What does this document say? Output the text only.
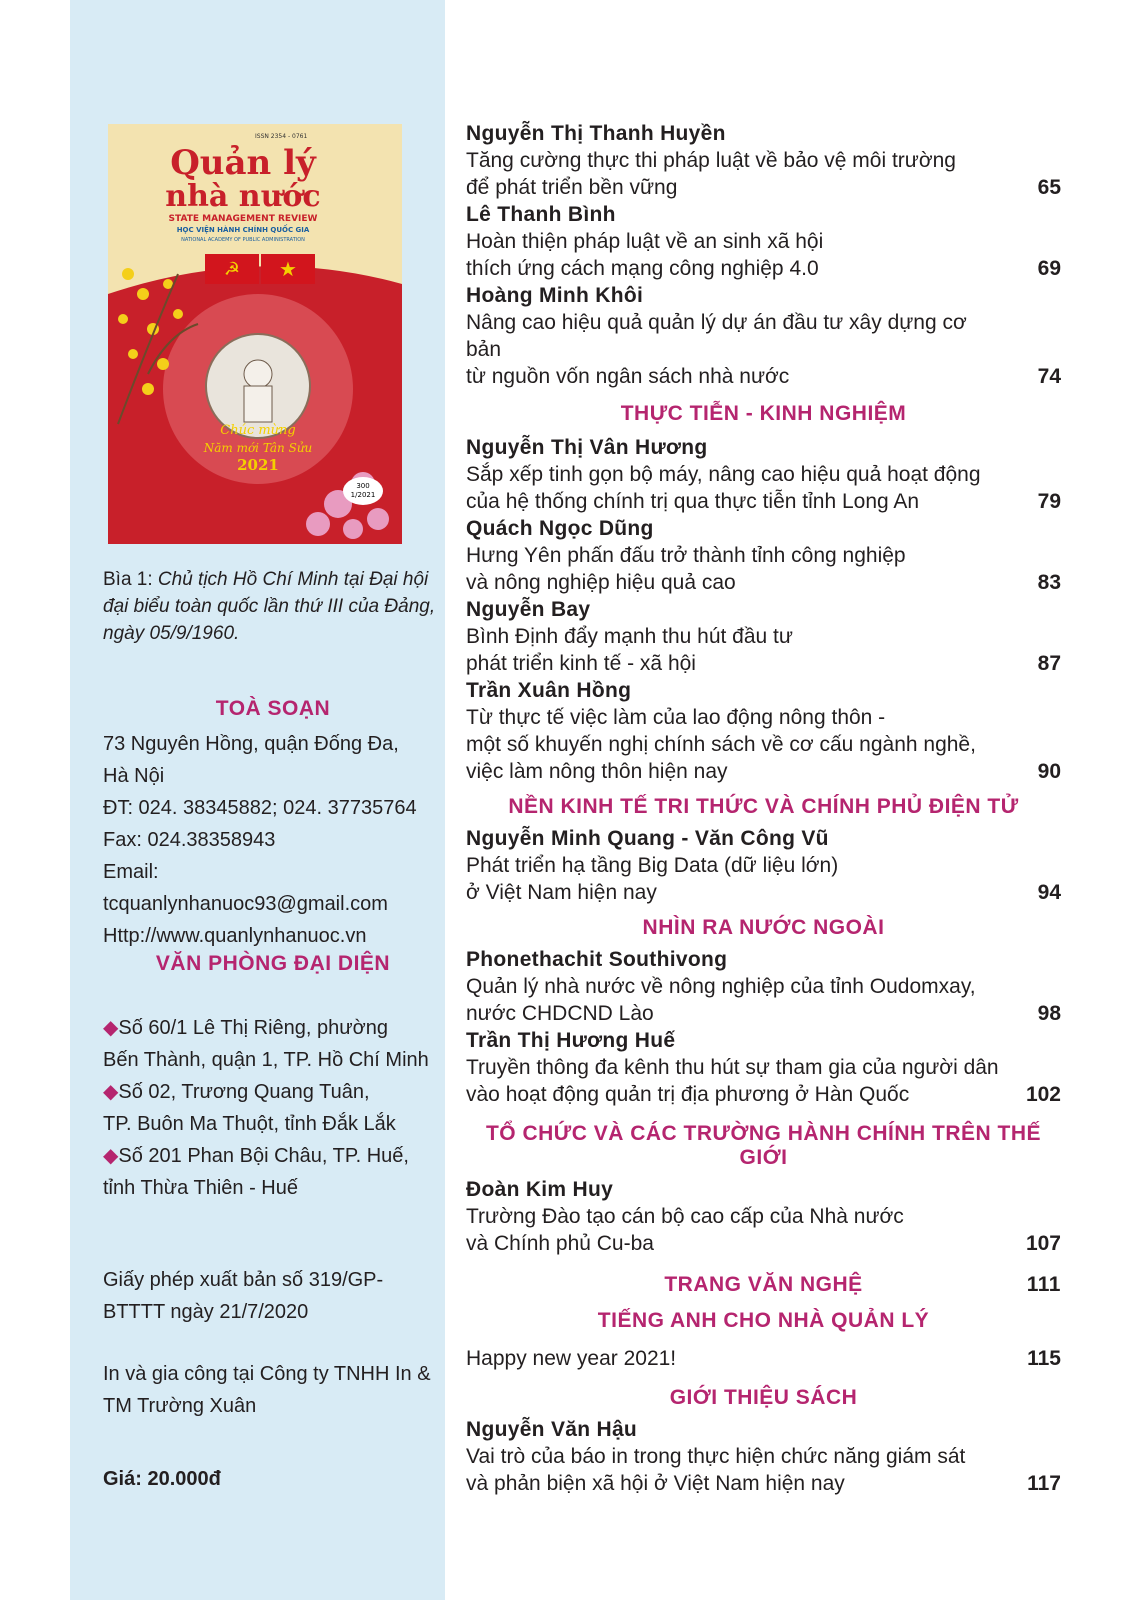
☭ ★
ISSN 2354 - 0761
Quản lý
nhà nước
STATE MANAGEMENT REVIEW
HỌC VIỆN HÀNH CHÍNH QUỐC GIA
NATIONAL ACADEMY OF PUBLIC ADMINISTRATION
Chúc mừng
Năm mới Tân Sửu
2021
300
1/2021
Bìa 1: Chủ tịch Hồ Chí Minh tại Đại hội đại biểu toàn quốc lần thứ III của Đảng, ngày 05/9/1960.
TOÀ SOẠN
73 Nguyên Hồng, quận Đống Đa,
Hà Nội
ĐT: 024. 38345882; 024. 37735764
Fax: 024.38358943
Email: tcquanlynhanuoc93@gmail.com
Http://www.quanlynhanuoc.vn
VĂN PHÒNG ĐẠI DIỆN
◆Số 60/1 Lê Thị Riêng, phường
Bến Thành, quận 1, TP. Hồ Chí Minh
◆Số 02, Trương Quang Tuân,
TP. Buôn Ma Thuột, tỉnh Đắk Lắk
◆Số 201 Phan Bội Châu, TP. Huế,
tỉnh Thừa Thiên - Huế
Giấy phép xuất bản số 319/GP-
BTTTT ngày 21/7/2020
In và gia công tại Công ty TNHH In &
TM Trường Xuân
Giá: 20.000đ
Nguyễn Thị Thanh Huyền
Tăng cường thực thi pháp luật về bảo vệ môi trường
để phát triển bền vững	65
Lê Thanh Bình
Hoàn thiện pháp luật về an sinh xã hội
thích ứng cách mạng công nghiệp 4.0	69
Hoàng Minh Khôi
Nâng cao hiệu quả quản lý dự án đầu tư xây dựng cơ bản
từ nguồn vốn ngân sách nhà nước	74
THỰC TIỄN - KINH NGHIỆM
Nguyễn Thị Vân Hương
Sắp xếp tinh gọn bộ máy, nâng cao hiệu quả hoạt động
của hệ thống chính trị qua thực tiễn tỉnh Long An	79
Quách Ngọc Dũng
Hưng Yên phấn đấu trở thành tỉnh công nghiệp
và nông nghiệp hiệu quả cao	83
Nguyễn Bay
Bình Định đẩy mạnh thu hút đầu tư
phát triển kinh tế - xã hội	87
Trần Xuân Hồng
Từ thực tế việc làm của lao động nông thôn -
một số khuyến nghị chính sách về cơ cấu ngành nghề,
việc làm nông thôn hiện nay	90
NỀN KINH TẾ TRI THỨC VÀ CHÍNH PHỦ ĐIỆN TỬ
Nguyễn Minh Quang - Văn Công Vũ
Phát triển hạ tầng Big Data (dữ liệu lớn)
ở Việt Nam hiện nay	94
NHÌN RA NƯỚC NGOÀI
Phonethachit Southivong
Quản lý nhà nước về nông nghiệp của tỉnh Oudomxay,
nước CHDCND Lào	98
Trần Thị Hương Huế
Truyền thông đa kênh thu hút sự tham gia của người dân
vào hoạt động quản trị địa phương ở Hàn Quốc	102
TỔ CHỨC VÀ CÁC TRƯỜNG HÀNH CHÍNH TRÊN THẾ GIỚI
Đoàn Kim Huy
Trường Đào tạo cán bộ cao cấp của Nhà nước
và Chính phủ Cu-ba	107
TRANG VĂN NGHỆ	111
TIẾNG ANH CHO NHÀ QUẢN LÝ
Happy new year 2021!	115
GIỚI THIỆU SÁCH
Nguyễn Văn Hậu
Vai trò của báo in trong thực hiện chức năng giám sát
và phản biện xã hội ở Việt Nam hiện nay	117
